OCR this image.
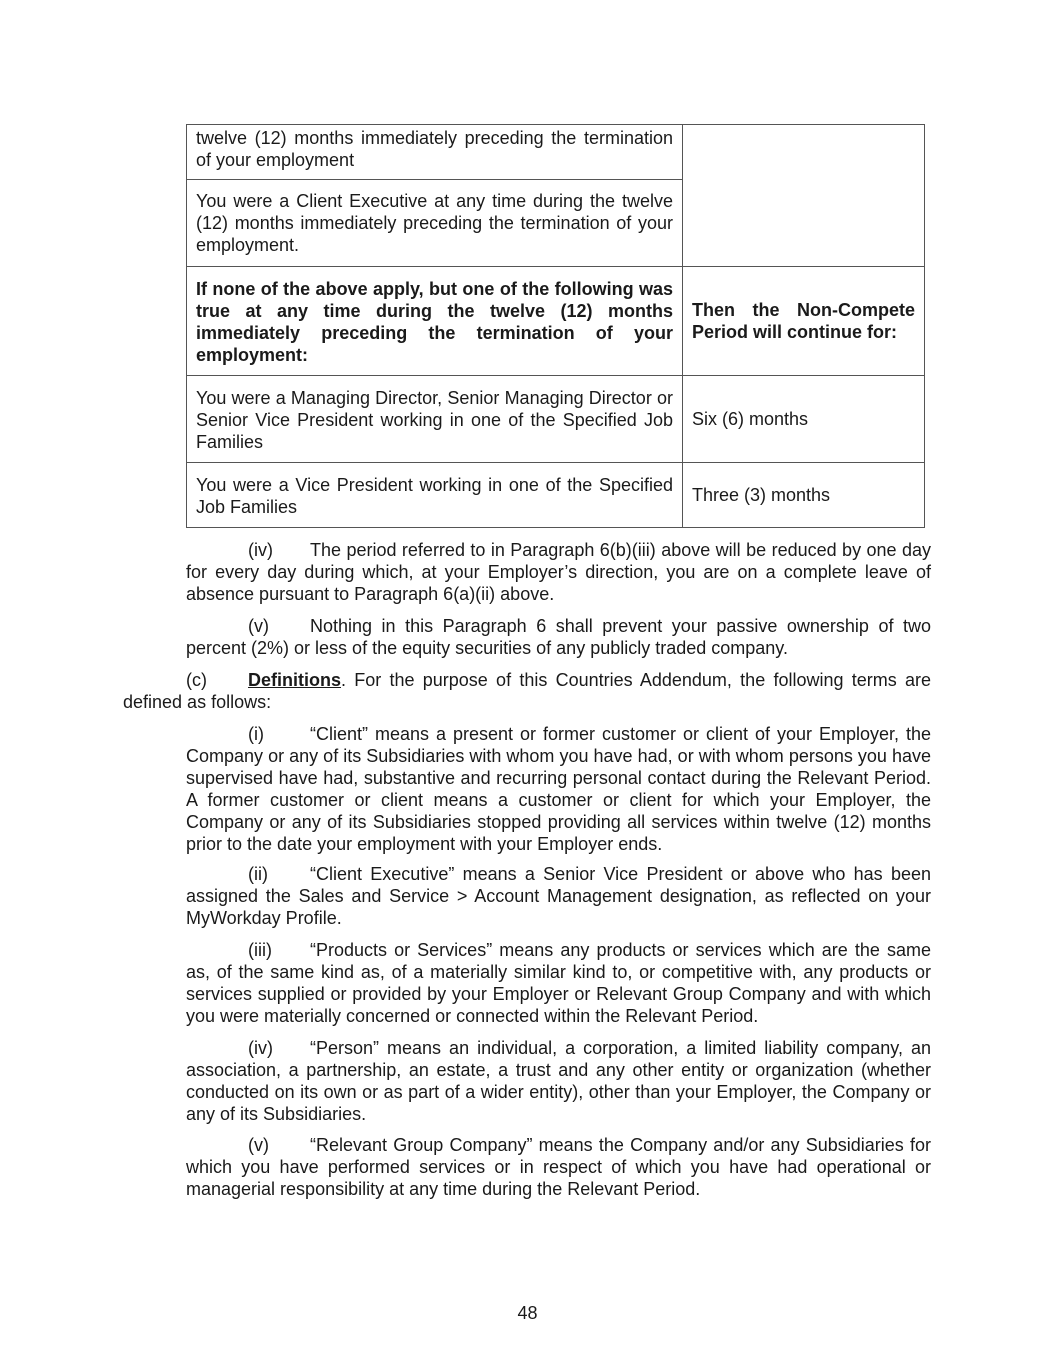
twelve (12) months immediately preceding the termination of your employment	
You were a Client Executive at any time during the twelve (12) months immediately preceding the termination of your employment.	
If none of the above apply, but one of the following was true at any time during the twelve (12) months immediately preceding the termination of your employment:	Then the Non-Compete Period will continue for:
You were a Managing Director, Senior Managing Director or Senior Vice President working in one of the Specified Job Families	Six (6) months
You were a Vice President working in one of the Specified Job Families	Three (3) months

(iv) The period referred to in Paragraph 6(b)(iii) above will be reduced by one day for every day during which, at your Employer’s direction, you are on a complete leave of absence pursuant to Paragraph 6(a)(ii) above.

(v) Nothing in this Paragraph 6 shall prevent your passive ownership of two percent (2%) or less of the equity securities of any publicly traded company.

(c) Definitions. For the purpose of this Countries Addendum, the following terms are defined as follows:

(i)	“Client” means a present or former customer or client of your Employer, the Company or any of its Subsidiaries with whom you have had, or with whom persons you have supervised have had, substantive and recurring personal contact during the Relevant Period. A former customer or client means a customer or client for which your Employer, the Company or any of its Subsidiaries stopped providing all services within twelve (12) months prior to the date your employment with your Employer ends.

(ii) “Client Executive” means a Senior Vice President or above who has been assigned the Sales and Service > Account Management designation, as reflected on your MyWorkday Profile.

(iii) “Products or Services” means any products or services which are the same as, of the same kind as, of a materially similar kind to, or competitive with, any products or services supplied or provided by your Employer or Relevant Group Company and with which you were materially concerned or connected within the Relevant Period.

(iv) “Person” means an individual, a corporation, a limited liability company, an association, a partnership, an estate, a trust and any other entity or organization (whether conducted on its own or as part of a wider entity), other than your Employer, the Company or any of its Subsidiaries.

(v) “Relevant Group Company” means the Company and/or any Subsidiaries for which you have performed services or in respect of which you have had operational or managerial responsibility at any time during the Relevant Period.

48
